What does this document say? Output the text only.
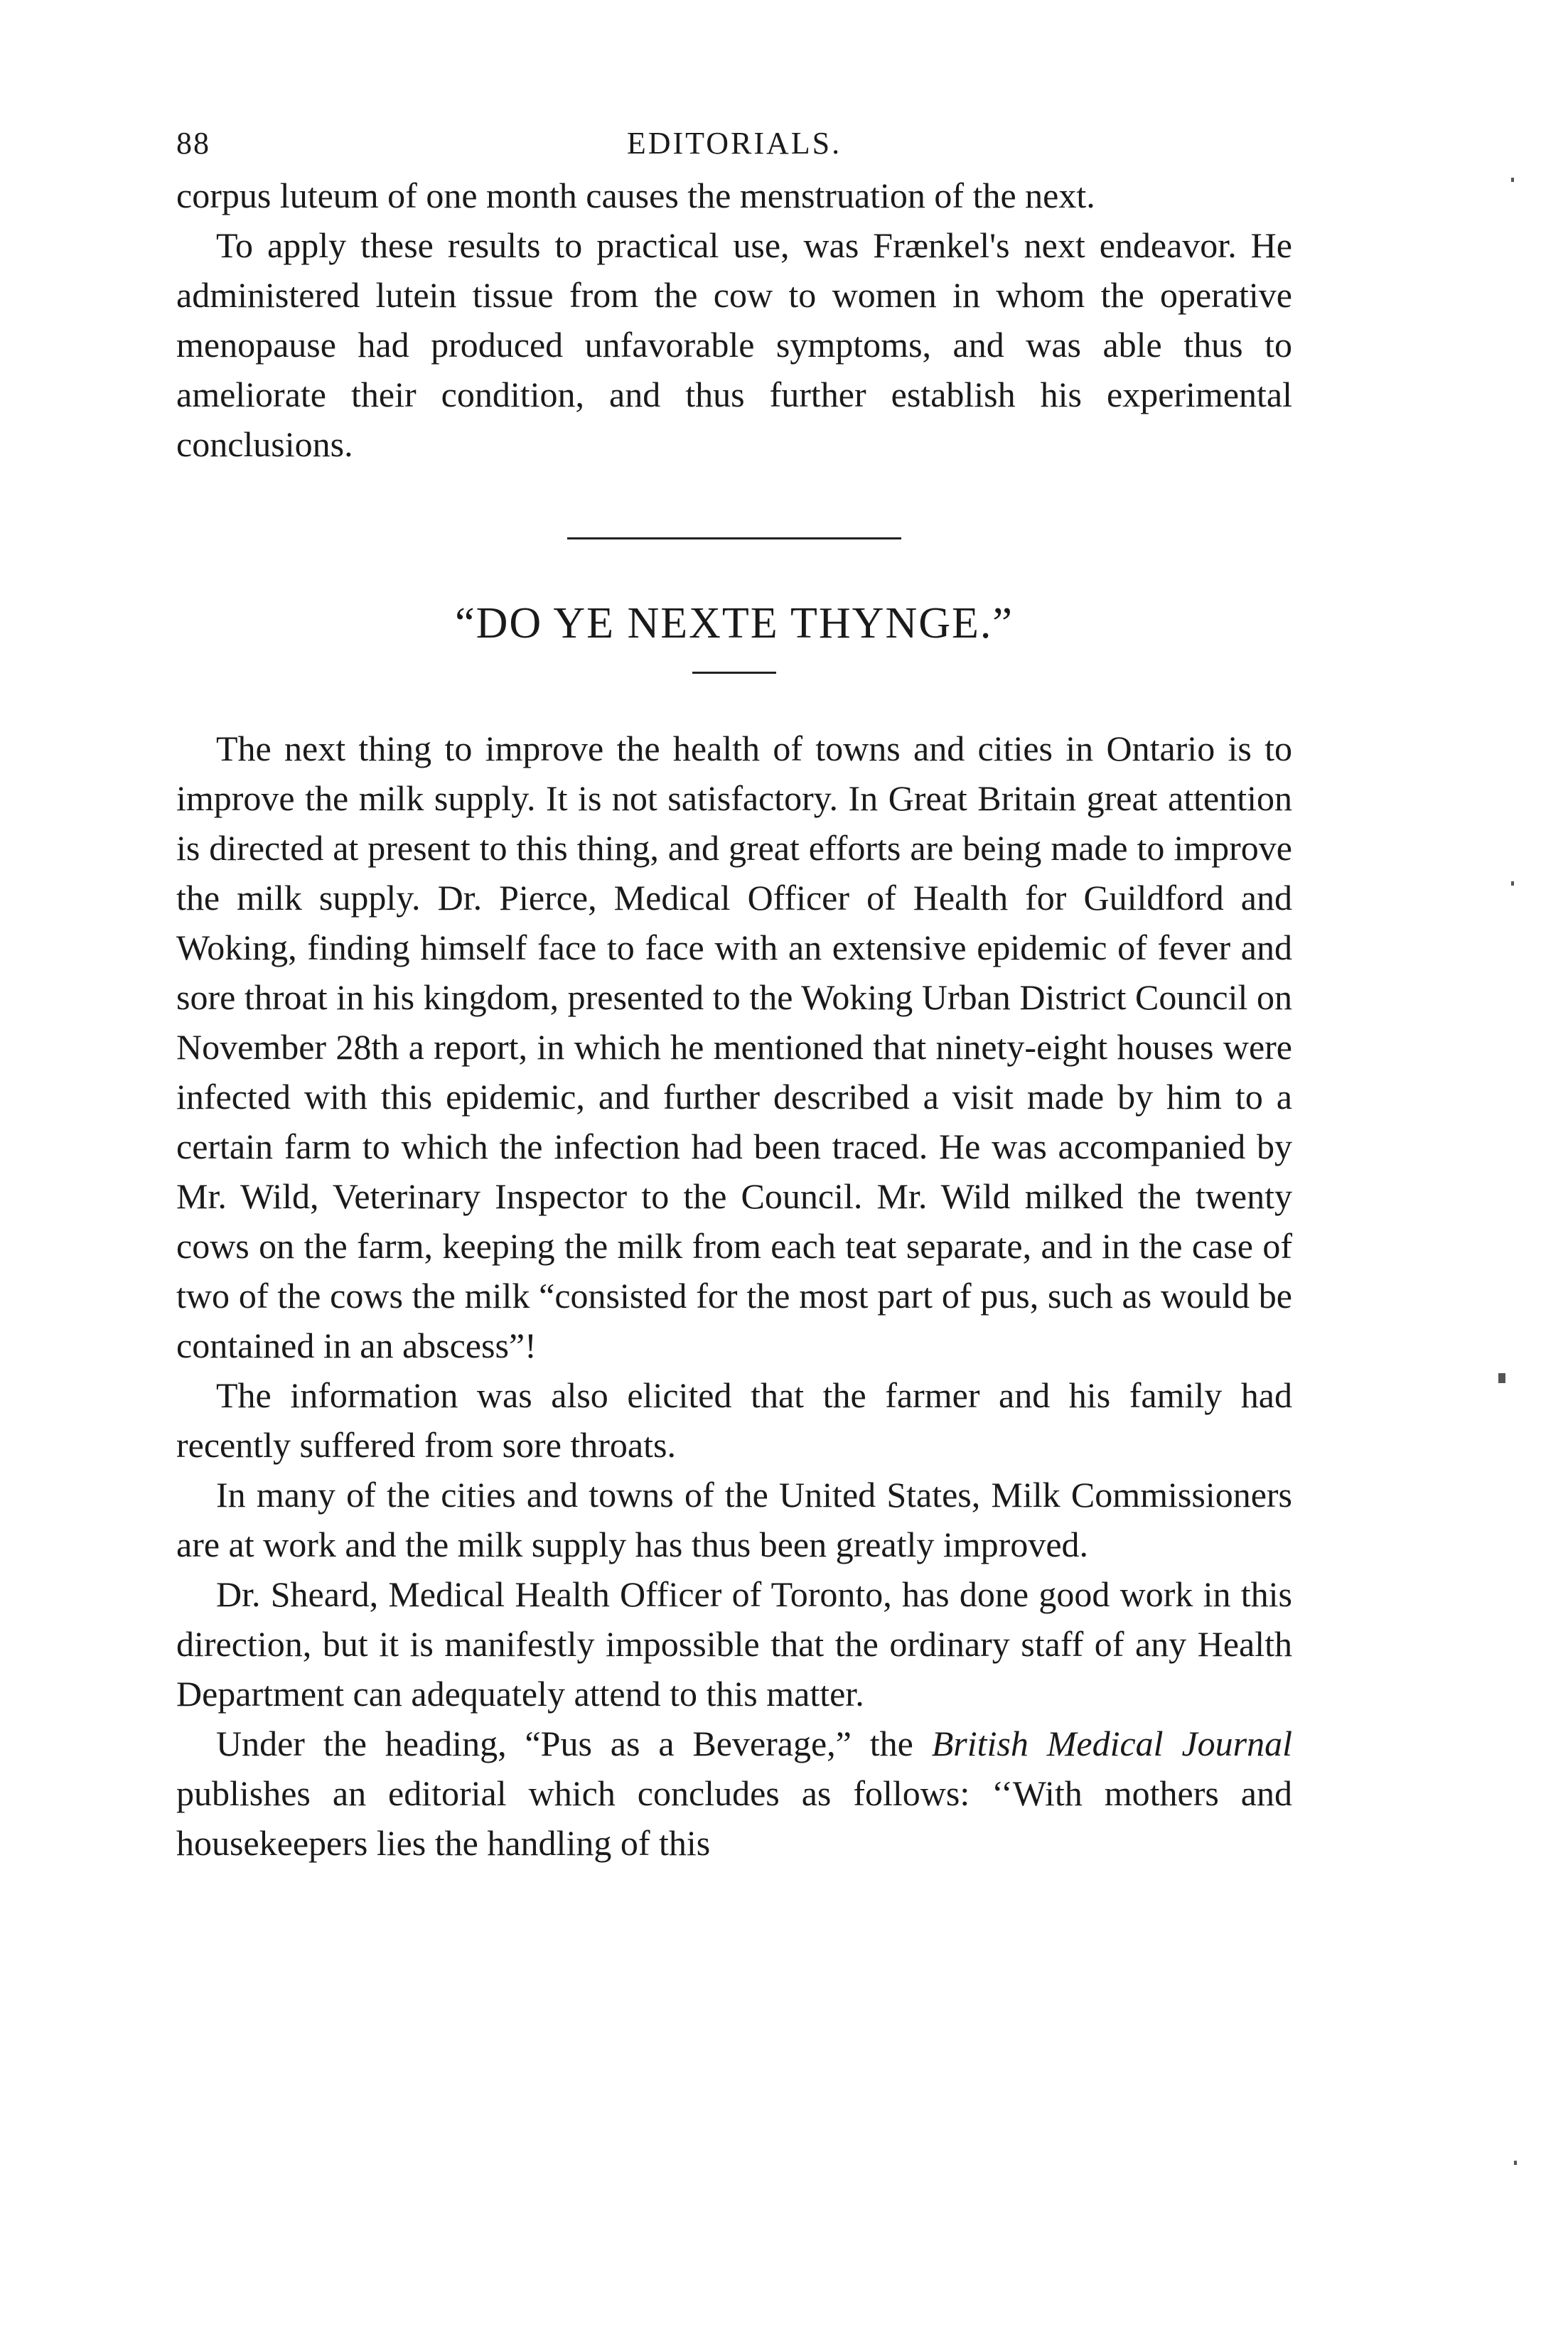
88	EDITORIALS.

corpus luteum of one month causes the menstruation of the next.

To apply these results to practical use, was Frænkel's next endeavor. He administered lutein tissue from the cow to women in whom the operative menopause had produced unfavorable symptoms, and was able thus to ameliorate their condition, and thus further establish his experimental conclusions.

“DO YE NEXTE THYNGE.”

The next thing to improve the health of towns and cities in Ontario is to improve the milk supply. It is not satisfactory. In Great Britain great attention is directed at present to this thing, and great efforts are being made to improve the milk supply. Dr. Pierce, Medical Officer of Health for Guildford and Woking, finding himself face to face with an extensive epidemic of fever and sore throat in his kingdom, presented to the Woking Urban District Council on November 28th a report, in which he mentioned that ninety-eight houses were infected with this epidemic, and further described a visit made by him to a certain farm to which the infection had been traced. He was accompanied by Mr. Wild, Veterinary Inspector to the Council. Mr. Wild milked the twenty cows on the farm, keeping the milk from each teat separate, and in the case of two of the cows the milk “consisted for the most part of pus, such as would be contained in an abscess”!

The information was also elicited that the farmer and his family had recently suffered from sore throats.

In many of the cities and towns of the United States, Milk Commissioners are at work and the milk supply has thus been greatly improved.

Dr. Sheard, Medical Health Officer of Toronto, has done good work in this direction, but it is manifestly impossible that the ordinary staff of any Health Department can adequately attend to this matter.

Under the heading, “Pus as a Beverage,” the British Medical Journal publishes an editorial which concludes as follows: ‘‘With mothers and housekeepers lies the handling of this
